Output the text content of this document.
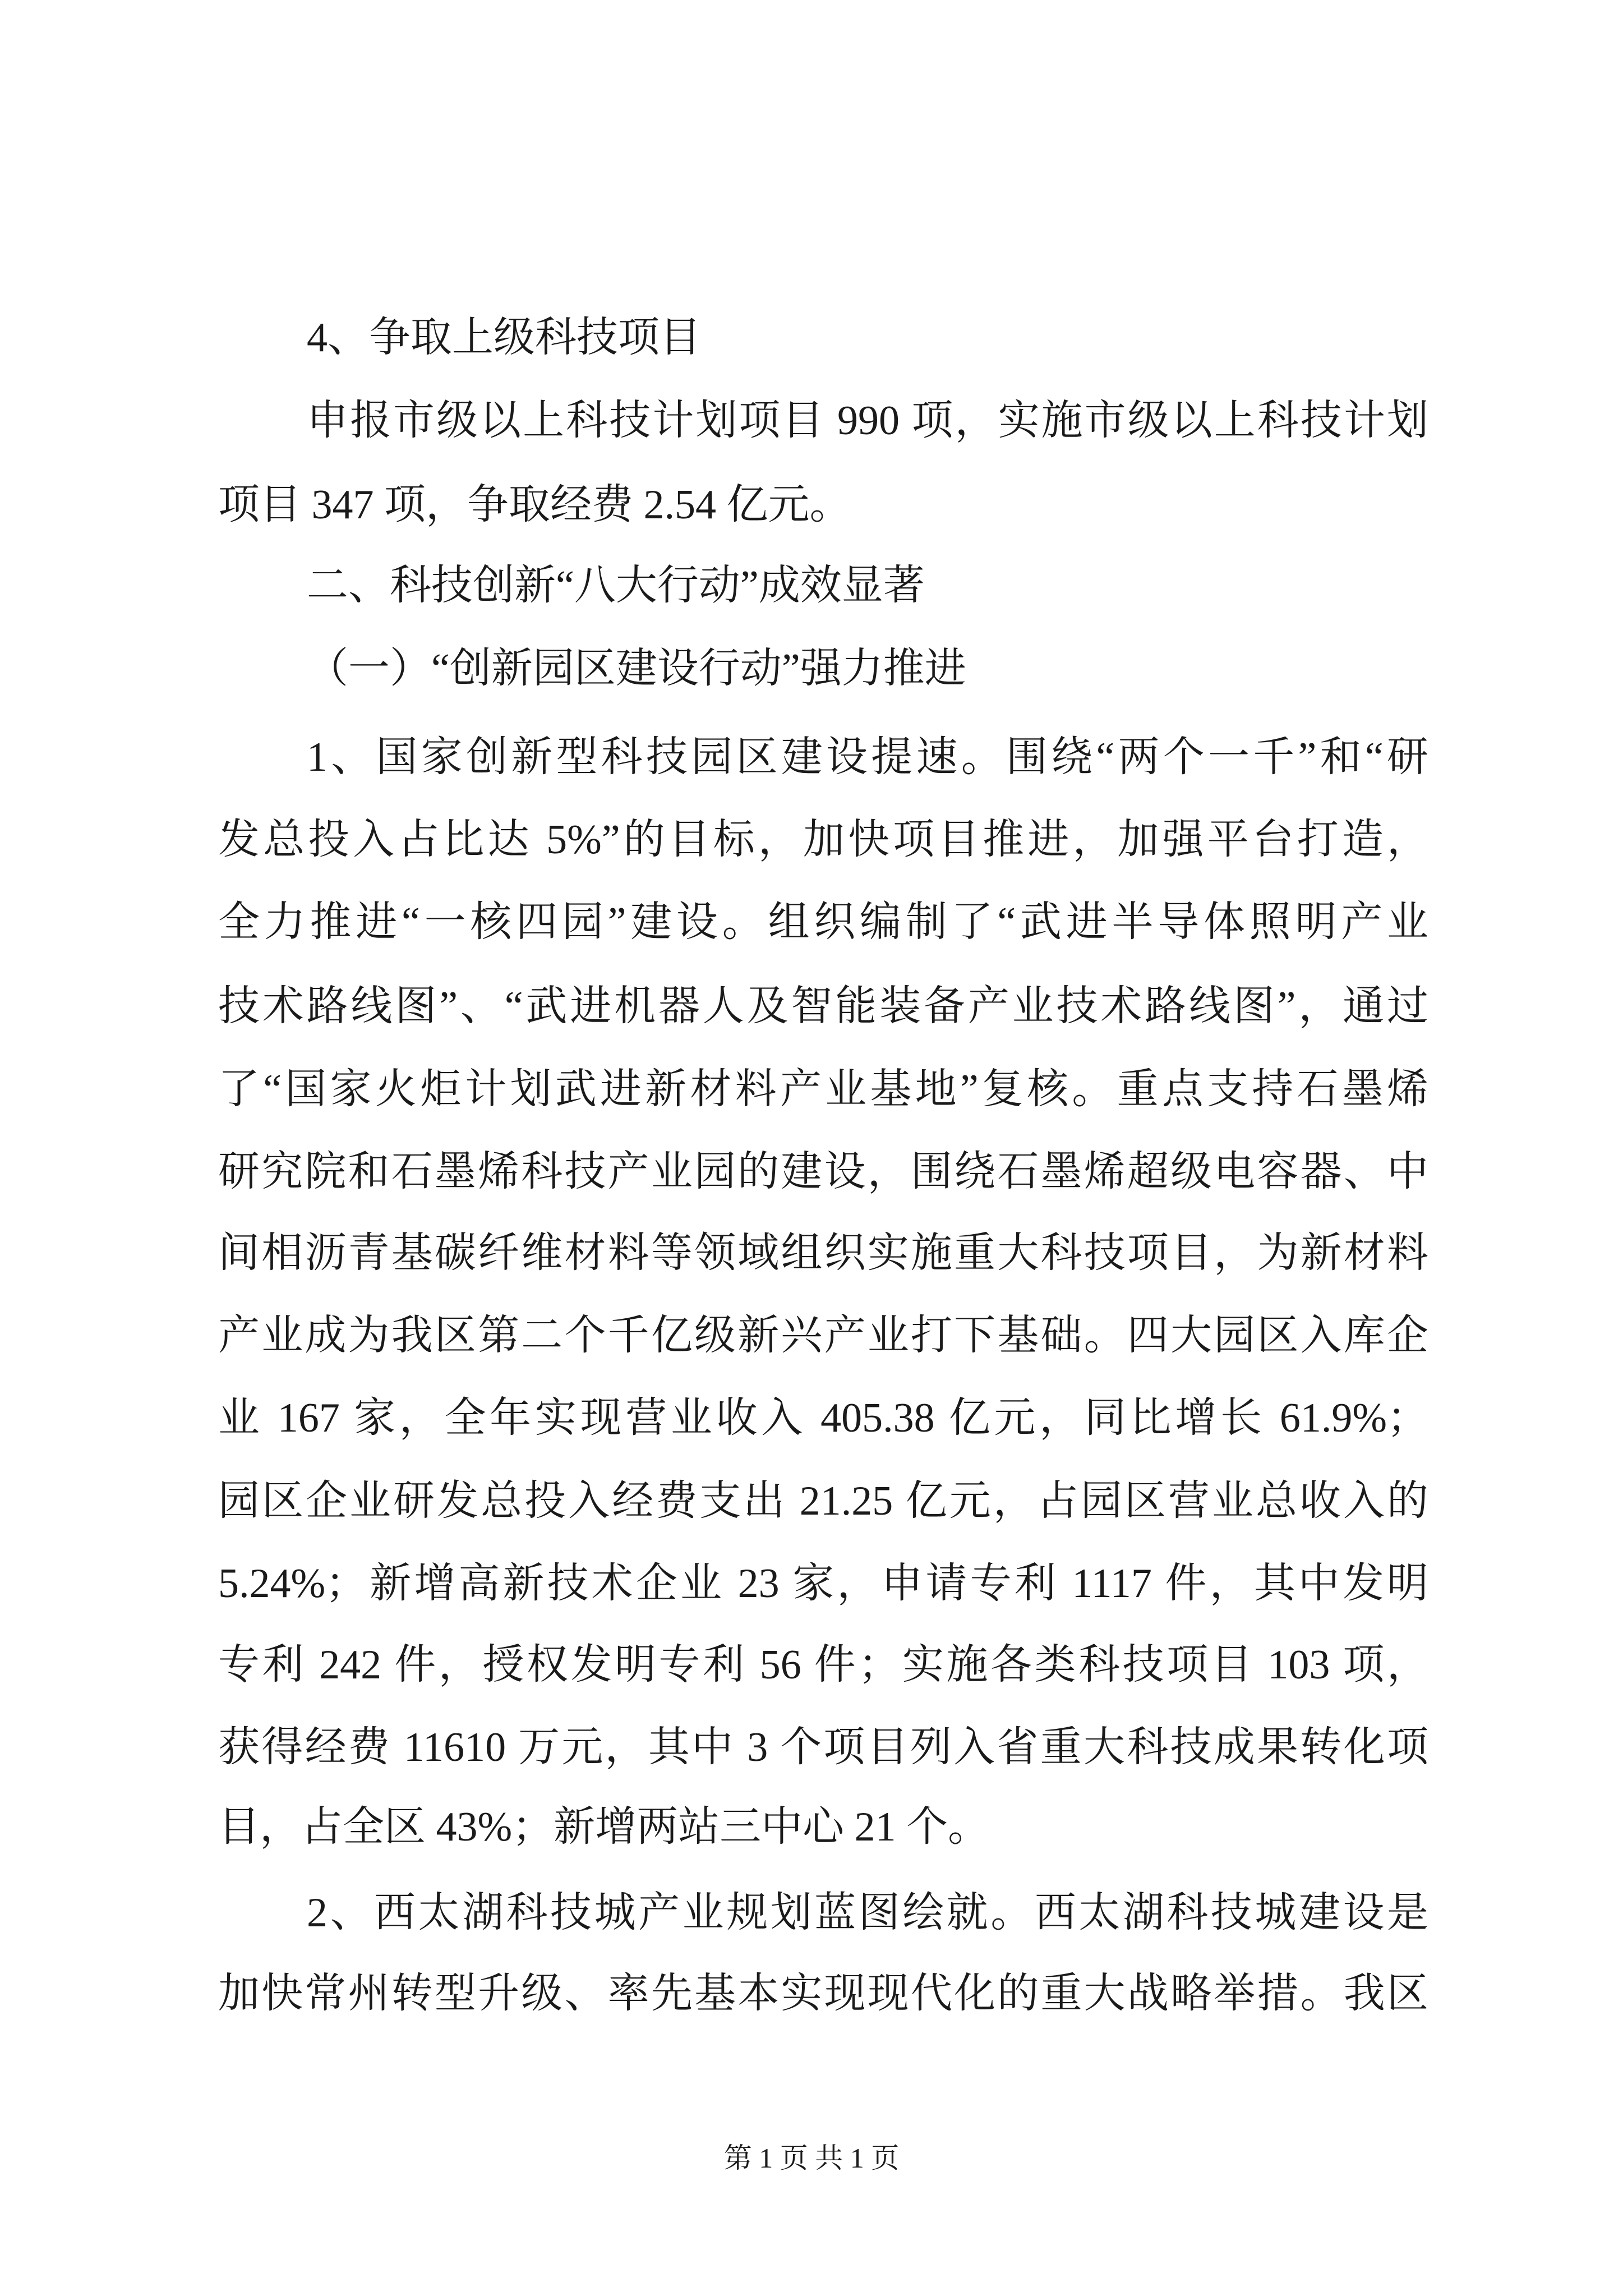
4、争取上级科技项目
申报市级以上科技计划项目 990 项，实施市级以上科技计划
项目 347 项，争取经费 2.54 亿元。
二、科技创新“八大行动”成效显著
（一）“创新园区建设行动”强力推进
1、国家创新型科技园区建设提速。围绕“两个一千”和“研
发总投入占比达 5%”的目标，加快项目推进，加强平台打造，
全力推进“一核四园”建设。组织编制了“武进半导体照明产业
技术路线图”、“武进机器人及智能装备产业技术路线图”，通过
了“国家火炬计划武进新材料产业基地”复核。重点支持石墨烯
研究院和石墨烯科技产业园的建设，围绕石墨烯超级电容器、中
间相沥青基碳纤维材料等领域组织实施重大科技项目，为新材料
产业成为我区第二个千亿级新兴产业打下基础。四大园区入库企
业 167 家，全年实现营业收入 405.38 亿元，同比增长 61.9%；
园区企业研发总投入经费支出 21.25 亿元，占园区营业总收入的
5.24%；新增高新技术企业 23 家，申请专利 1117 件，其中发明
专利 242 件，授权发明专利 56 件；实施各类科技项目 103 项，
获得经费 11610 万元，其中 3 个项目列入省重大科技成果转化项
目，占全区 43%；新增两站三中心 21 个。
2、西太湖科技城产业规划蓝图绘就。西太湖科技城建设是
加快常州转型升级、率先基本实现现代化的重大战略举措。我区
第 1 页 共 1 页
